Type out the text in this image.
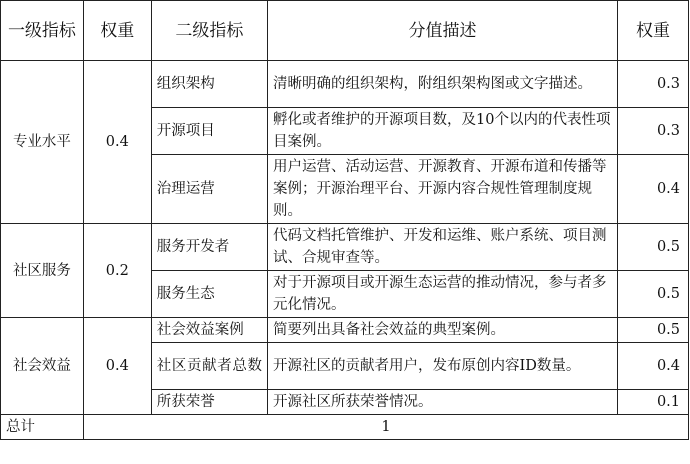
一级指标	权重	二级指标	分值描述	权重
专业水平	0.4	组织架构	清晰明确的组织架构，附组织架构图或文字描述。	0.3
		开源项目	孵化或者维护的开源项目数，及10个以内的代表性项目案例。	0.3
		治理运营	用户运营、活动运营、开源教育、开源布道和传播等案例；开源治理平台、开源内容合规性管理制度规则。	0.4
社区服务	0.2	服务开发者	代码文档托管维护、开发和运维、账户系统、项目测试、合规审查等。	0.5
		服务生态	对于开源项目或开源生态运营的推动情况，参与者多元化情况。	0.5
社会效益	0.4	社会效益案例	简要列出具备社会效益的典型案例。	0.5
		社区贡献者总数	开源社区的贡献者用户，发布原创内容ID数量。	0.4
		所获荣誉	开源社区所获荣誉情况。	0.1
总计	1			
